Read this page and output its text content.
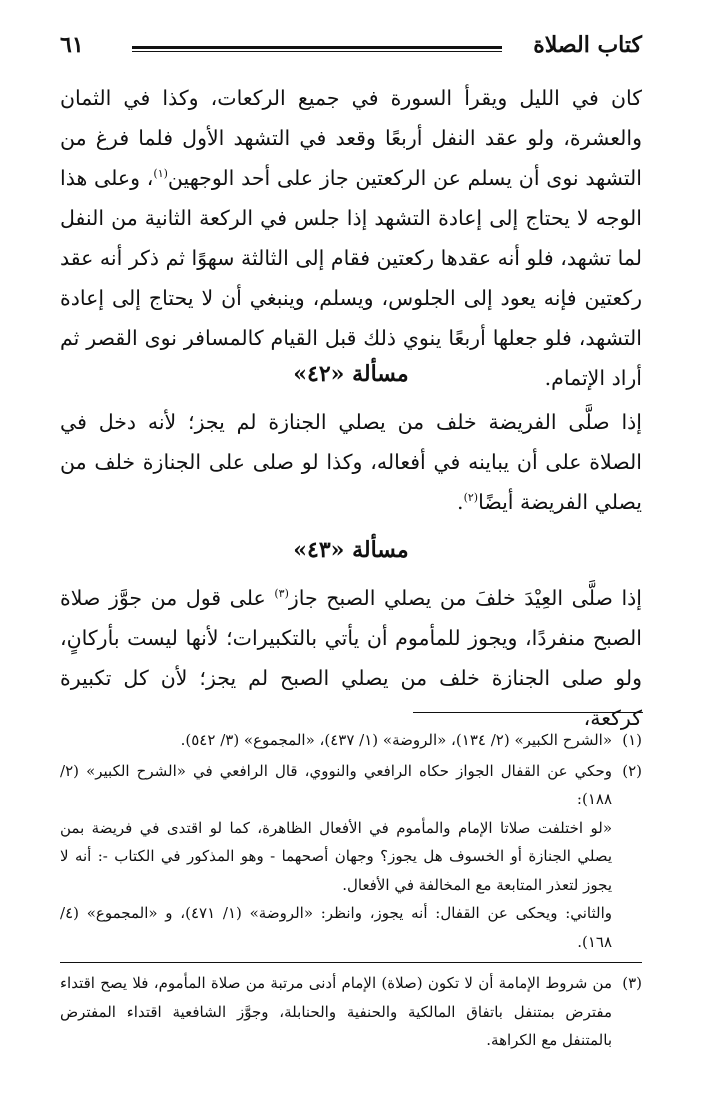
٦١	كتاب الصلاة

كان في الليل ويقرأ السورة في جميع الركعات، وكذا في الثمان والعشرة، ولو عقد النفل أربعًا وقعد في التشهد الأول فلما فرغ من التشهد نوى أن يسلم عن الركعتين جاز على أحد الوجهين$^{(١)}$، وعلى هذا الوجه لا يحتاج إلى إعادة التشهد إذا جلس في الركعة الثانية من النفل لما تشهد، فلو أنه عقدها ركعتين فقام إلى الثالثة سهوًا ثم ذكر أنه عقد ركعتين فإنه يعود إلى الجلوس، ويسلم، وينبغي أن لا يحتاج إلى إعادة التشهد، فلو جعلها أربعًا ينوي ذلك قبل القيام كالمسافر نوى القصر ثم أراد الإتمام.

مسألة «٤٢»

إذا صلَّى الفريضة خلف من يصلي الجنازة لم يجز؛ لأنه دخل في الصلاة على أن يباينه في أفعاله، وكذا لو صلى على الجنازة خلف من يصلي الفريضة أيضًا$^{(٢)}$.

مسألة «٤٣»

إذا صلَّى العِيْدَ خلفَ من يصلي الصبح جاز$^{(٣)}$ على قول من جوَّز صلاة الصبح منفردًا، ويجوز للمأموم أن يأتي بالتكبيرات؛ لأنها ليست بأركانٍ، ولو صلى الجنازة خلف من يصلي الصبح لم يجز؛ لأن كل تكبيرة كركعة،

(١)

«الشرح الكبير» (٢/ ١٣٤)، «الروضة» (١/ ٤٣٧)، «المجموع» (٣/ ٥٤٢).

(٢)

وحكي عن القفال الجواز حكاه الرافعي والنووي، قال الرافعي في «الشرح الكبير» (٢/ ١٨٨):

«لو اختلفت صلاتا الإمام والمأموم في الأفعال الظاهرة، كما لو اقتدى في فريضة بمن يصلي الجنازة أو الخسوف هل يجوز؟ وجهان أصحهما - وهو المذكور في الكتاب -: أنه لا يجوز لتعذر المتابعة مع المخالفة في الأفعال.

والثاني: ويحكى عن القفال: أنه يجوز، وانظر: «الروضة» (١/ ٤٧١)، و «المجموع» (٤/ ١٦٨).

(٣)

من شروط الإمامة أن لا تكون (صلاة) الإمام أدنى مرتبة من صلاة المأموم، فلا يصح اقتداء مفترض بمتنفل باتفاق المالكية والحنفية والحنابلة، وجوَّز الشافعية اقتداء المفترض بالمتنفل مع الكراهة.
